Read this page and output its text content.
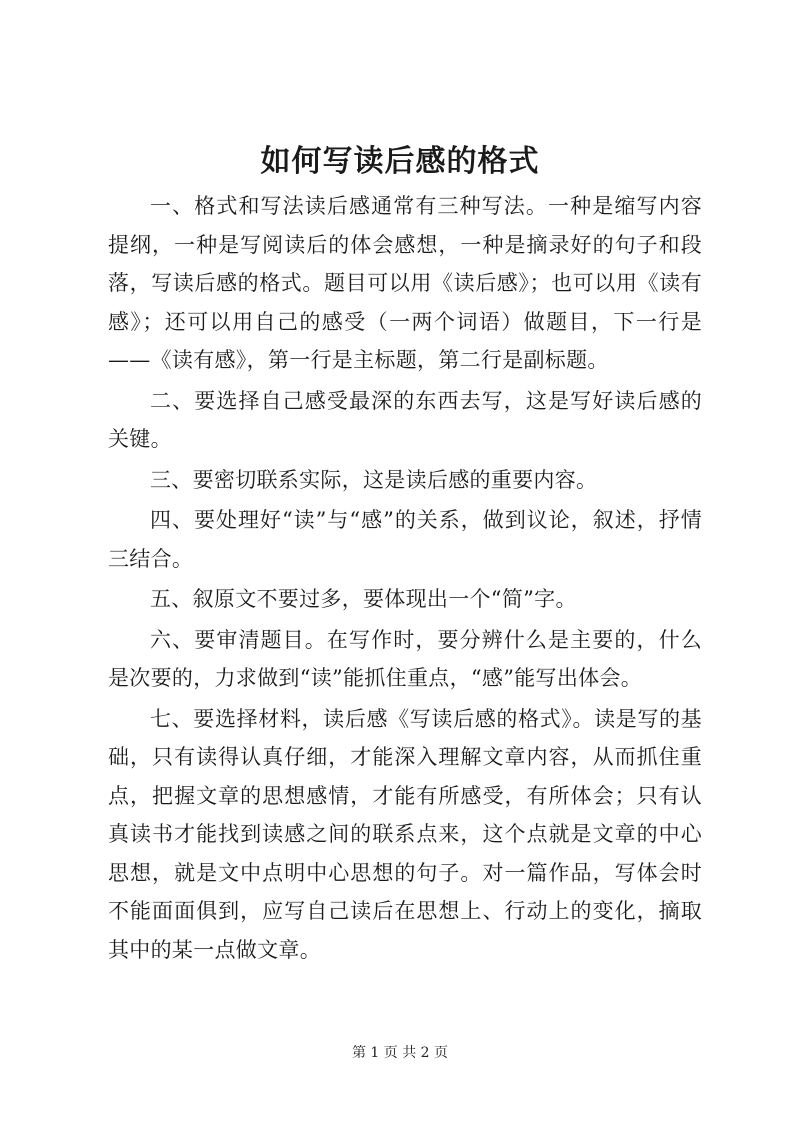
如何写读后感的格式

一、格式和写法读后感通常有三种写法。一种是缩写内容提纲，一种是写阅读后的体会感想，一种是摘录好的句子和段落，写读后感的格式。题目可以用《读后感》；也可以用《读有感》；还可以用自己的感受（一两个词语）做题目，下一行是——《读有感》，第一行是主标题，第二行是副标题。

二、要选择自己感受最深的东西去写，这是写好读后感的关键。

三、要密切联系实际，这是读后感的重要内容。

四、要处理好“读”与“感”的关系，做到议论，叙述，抒情三结合。

五、叙原文不要过多，要体现出一个“简”字。

六、要审清题目。在写作时，要分辨什么是主要的，什么是次要的，力求做到“读”能抓住重点，“感”能写出体会。

七、要选择材料，读后感《写读后感的格式》。读是写的基础，只有读得认真仔细，才能深入理解文章内容，从而抓住重点，把握文章的思想感情，才能有所感受，有所体会；只有认真读书才能找到读感之间的联系点来，这个点就是文章的中心思想，就是文中点明中心思想的句子。对一篇作品，写体会时不能面面俱到，应写自己读后在思想上、行动上的变化，摘取其中的某一点做文章。

第 1 页 共 2 页
